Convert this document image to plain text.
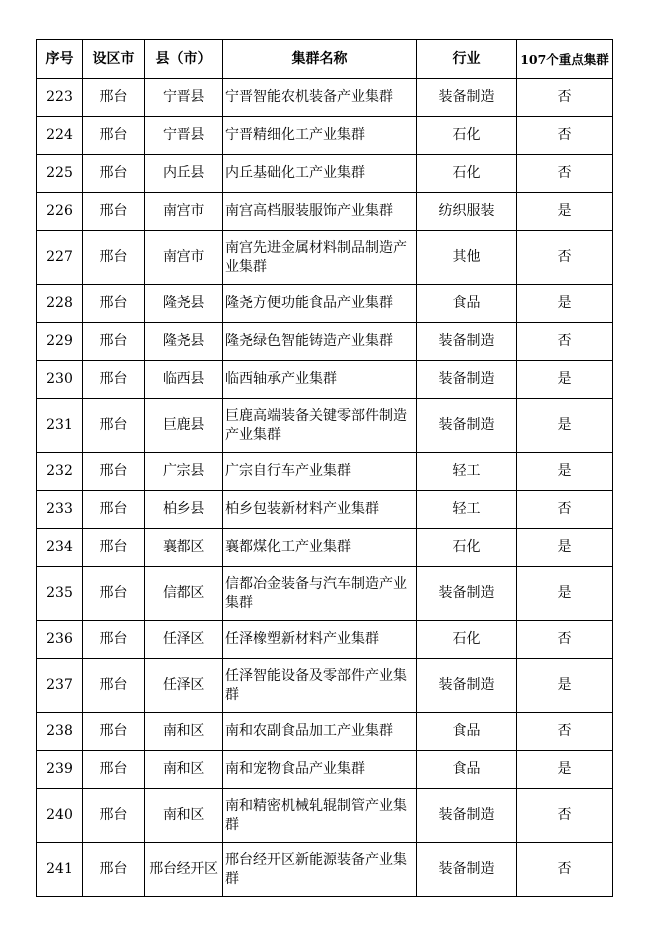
序号	设区市	县（市）	集群名称	行业	107个重点集群
223	邢台	宁晋县	宁晋智能农机装备产业集群	装备制造	否
224	邢台	宁晋县	宁晋精细化工产业集群	石化	否
225	邢台	内丘县	内丘基础化工产业集群	石化	否
226	邢台	南宫市	南宫高档服装服饰产业集群	纺织服装	是
227	邢台	南宫市	南宫先进金属材料制品制造产业集群	其他	否
228	邢台	隆尧县	隆尧方便功能食品产业集群	食品	是
229	邢台	隆尧县	隆尧绿色智能铸造产业集群	装备制造	否
230	邢台	临西县	临西轴承产业集群	装备制造	是
231	邢台	巨鹿县	巨鹿高端装备关键零部件制造产业集群	装备制造	是
232	邢台	广宗县	广宗自行车产业集群	轻工	是
233	邢台	柏乡县	柏乡包装新材料产业集群	轻工	否
234	邢台	襄都区	襄都煤化工产业集群	石化	是
235	邢台	信都区	信都冶金装备与汽车制造产业集群	装备制造	是
236	邢台	任泽区	任泽橡塑新材料产业集群	石化	否
237	邢台	任泽区	任泽智能设备及零部件产业集群	装备制造	是
238	邢台	南和区	南和农副食品加工产业集群	食品	否
239	邢台	南和区	南和宠物食品产业集群	食品	是
240	邢台	南和区	南和精密机械轧辊制管产业集群	装备制造	否
241	邢台	邢台经开区	邢台经开区新能源装备产业集群	装备制造	否
